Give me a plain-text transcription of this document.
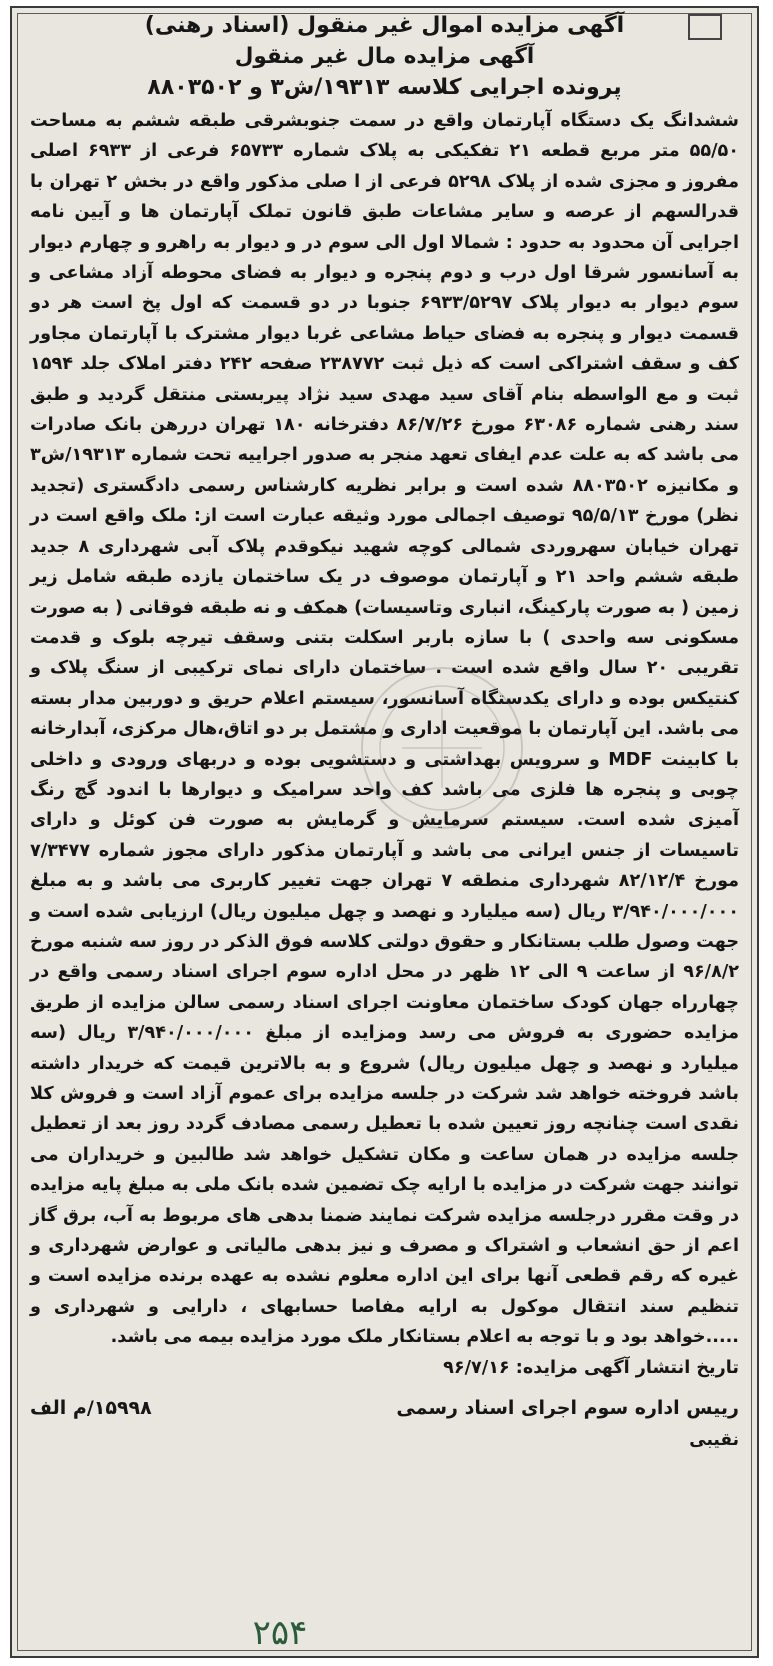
آگهی مزایده اموال غیر منقول (اسناد رهنی)
آگهی مزایده مال غیر منقول
پرونده اجرایی کلاسه ۱۹۳۱۳/ش۳ و ۸۸۰۳۵۰۲
ششدانگ یک دستگاه آپارتمان واقع در سمت جنوبشرقی طبقه ششم به مساحت ۵۵/۵۰ متر مربع قطعه ۲۱ تفکیکی به پلاک شماره ۶۵۷۳۳ فرعی از ۶۹۳۳ اصلی مفروز و مجزی شده از پلاک ۵۲۹۸ فرعی از ا صلی مذکور واقع در بخش ۲ تهران با قدرالسهم از عرصه و سایر مشاعات طبق قانون تملک آپارتمان ها و آیین نامه اجرایی آن محدود به حدود : شمالا اول الی سوم در و دیوار به راهرو و چهارم دیوار به آسانسور شرقا اول درب و دوم پنجره و دیوار به فضای محوطه آزاد مشاعی و سوم دیوار به دیوار پلاک ۶۹۳۳/۵۲۹۷ جنوبا در دو قسمت که اول پخ است هر دو قسمت دیوار و پنجره به فضای حیاط مشاعی غربا دیوار مشترک با آپارتمان مجاور کف و سقف اشتراکی است که ذیل ثبت ۲۳۸۷۷۲ صفحه ۲۴۲ دفتر املاک جلد ۱۵۹۴ ثبت و مع الواسطه بنام آقای سید مهدی سید نژاد پیربستی منتقل گردید و طبق سند رهنی شماره ۶۳۰۸۶ مورخ ۸۶/۷/۲۶ دفترخانه ۱۸۰ تهران دررهن بانک صادرات می باشد که به علت عدم ایفای تعهد منجر به صدور اجراییه تحت شماره ۱۹۳۱۳/ش۳ و مکانیزه ۸۸۰۳۵۰۲ شده است و برابر نظریه کارشناس رسمی دادگستری (تجدید نظر) مورخ ۹۵/۵/۱۳ توصیف اجمالی مورد وثیقه عبارت است از: ملک واقع است در تهران خیابان سهروردی شمالی کوچه شهید نیکوقدم پلاک آبی شهرداری ۸ جدید طبقه ششم واحد ۲۱ و آپارتمان موصوف در یک ساختمان یازده طبقه شامل زیر زمین ( به صورت پارکینگ، انباری وتاسیسات) همکف و نه طبقه فوقانی ( به صورت مسکونی سه واحدی ) با سازه باربر اسکلت بتنی وسقف تیرچه بلوک و قدمت تقریبی ۲۰ سال واقع شده است . ساختمان دارای نمای ترکیبی از سنگ پلاک و کنتیکس بوده و دارای یکدستگاه آسانسور، سیستم اعلام حریق و دوربین مدار بسته می باشد. این آپارتمان با موقعیت اداری و مشتمل بر دو اتاق،هال مرکزی، آبدارخانه با کابینت MDF و سرویس بهداشتی و دستشویی بوده و دربهای ورودی و داخلی چوبی و پنجره ها فلزی می باشد کف واحد سرامیک و دیوارها با اندود گچ رنگ آمیزی شده است. سیستم سرمایش و گرمایش به صورت فن کوئل و دارای تاسیسات از جنس ایرانی می باشد و آپارتمان مذکور دارای مجوز شماره ۷/۳۴۷۷ مورخ ۸۲/۱۲/۴ شهرداری منطقه ۷ تهران جهت تغییر کاربری می باشد و به مبلغ ۳/۹۴۰/۰۰۰/۰۰۰ ریال (سه میلیارد و نهصد و چهل میلیون ریال) ارزیابی شده است و جهت وصول طلب بستانکار و حقوق دولتی کلاسه فوق الذکر در روز سه شنبه مورخ ۹۶/۸/۲ از ساعت ۹ الی ۱۲ ظهر در محل اداره سوم اجرای اسناد رسمی واقع در چهارراه جهان کودک ساختمان معاونت اجرای اسناد رسمی سالن مزایده از طریق مزایده حضوری به فروش می رسد ومزایده از مبلغ ۳/۹۴۰/۰۰۰/۰۰۰ ریال (سه میلیارد و نهصد و چهل میلیون ریال) شروع و به بالاترین قیمت که خریدار داشته باشد فروخته خواهد شد شرکت در جلسه مزایده برای عموم آزاد است و فروش کلا نقدی است چنانچه روز تعیین شده با تعطیل رسمی مصادف گردد روز بعد از تعطیل جلسه مزایده در همان ساعت و مکان تشکیل خواهد شد طالبین و خریداران می توانند جهت شرکت در مزایده با ارایه چک تضمین شده بانک ملی به مبلغ پایه مزایده در وقت مقرر درجلسه مزایده شرکت نمایند ضمنا بدهی های مربوط به آب، برق گاز اعم از حق انشعاب و اشتراک و مصرف و نیز بدهی مالیاتی و عوارض شهرداری و غیره که رقم قطعی آنها برای این اداره معلوم نشده به عهده برنده مزایده است و تنظیم سند انتقال موکول به ارایه مفاصا حسابهای ، دارایی و شهرداری و .....خواهد بود و با توجه به اعلام بستانکار ملک مورد مزایده بیمه می باشد.
تاریخ انتشار آگهی مزایده: ۹۶/۷/۱۶
رییس اداره سوم اجرای اسناد رسمی
۱۵۹۹۸/م الف
نقیبی
۲۵۴
